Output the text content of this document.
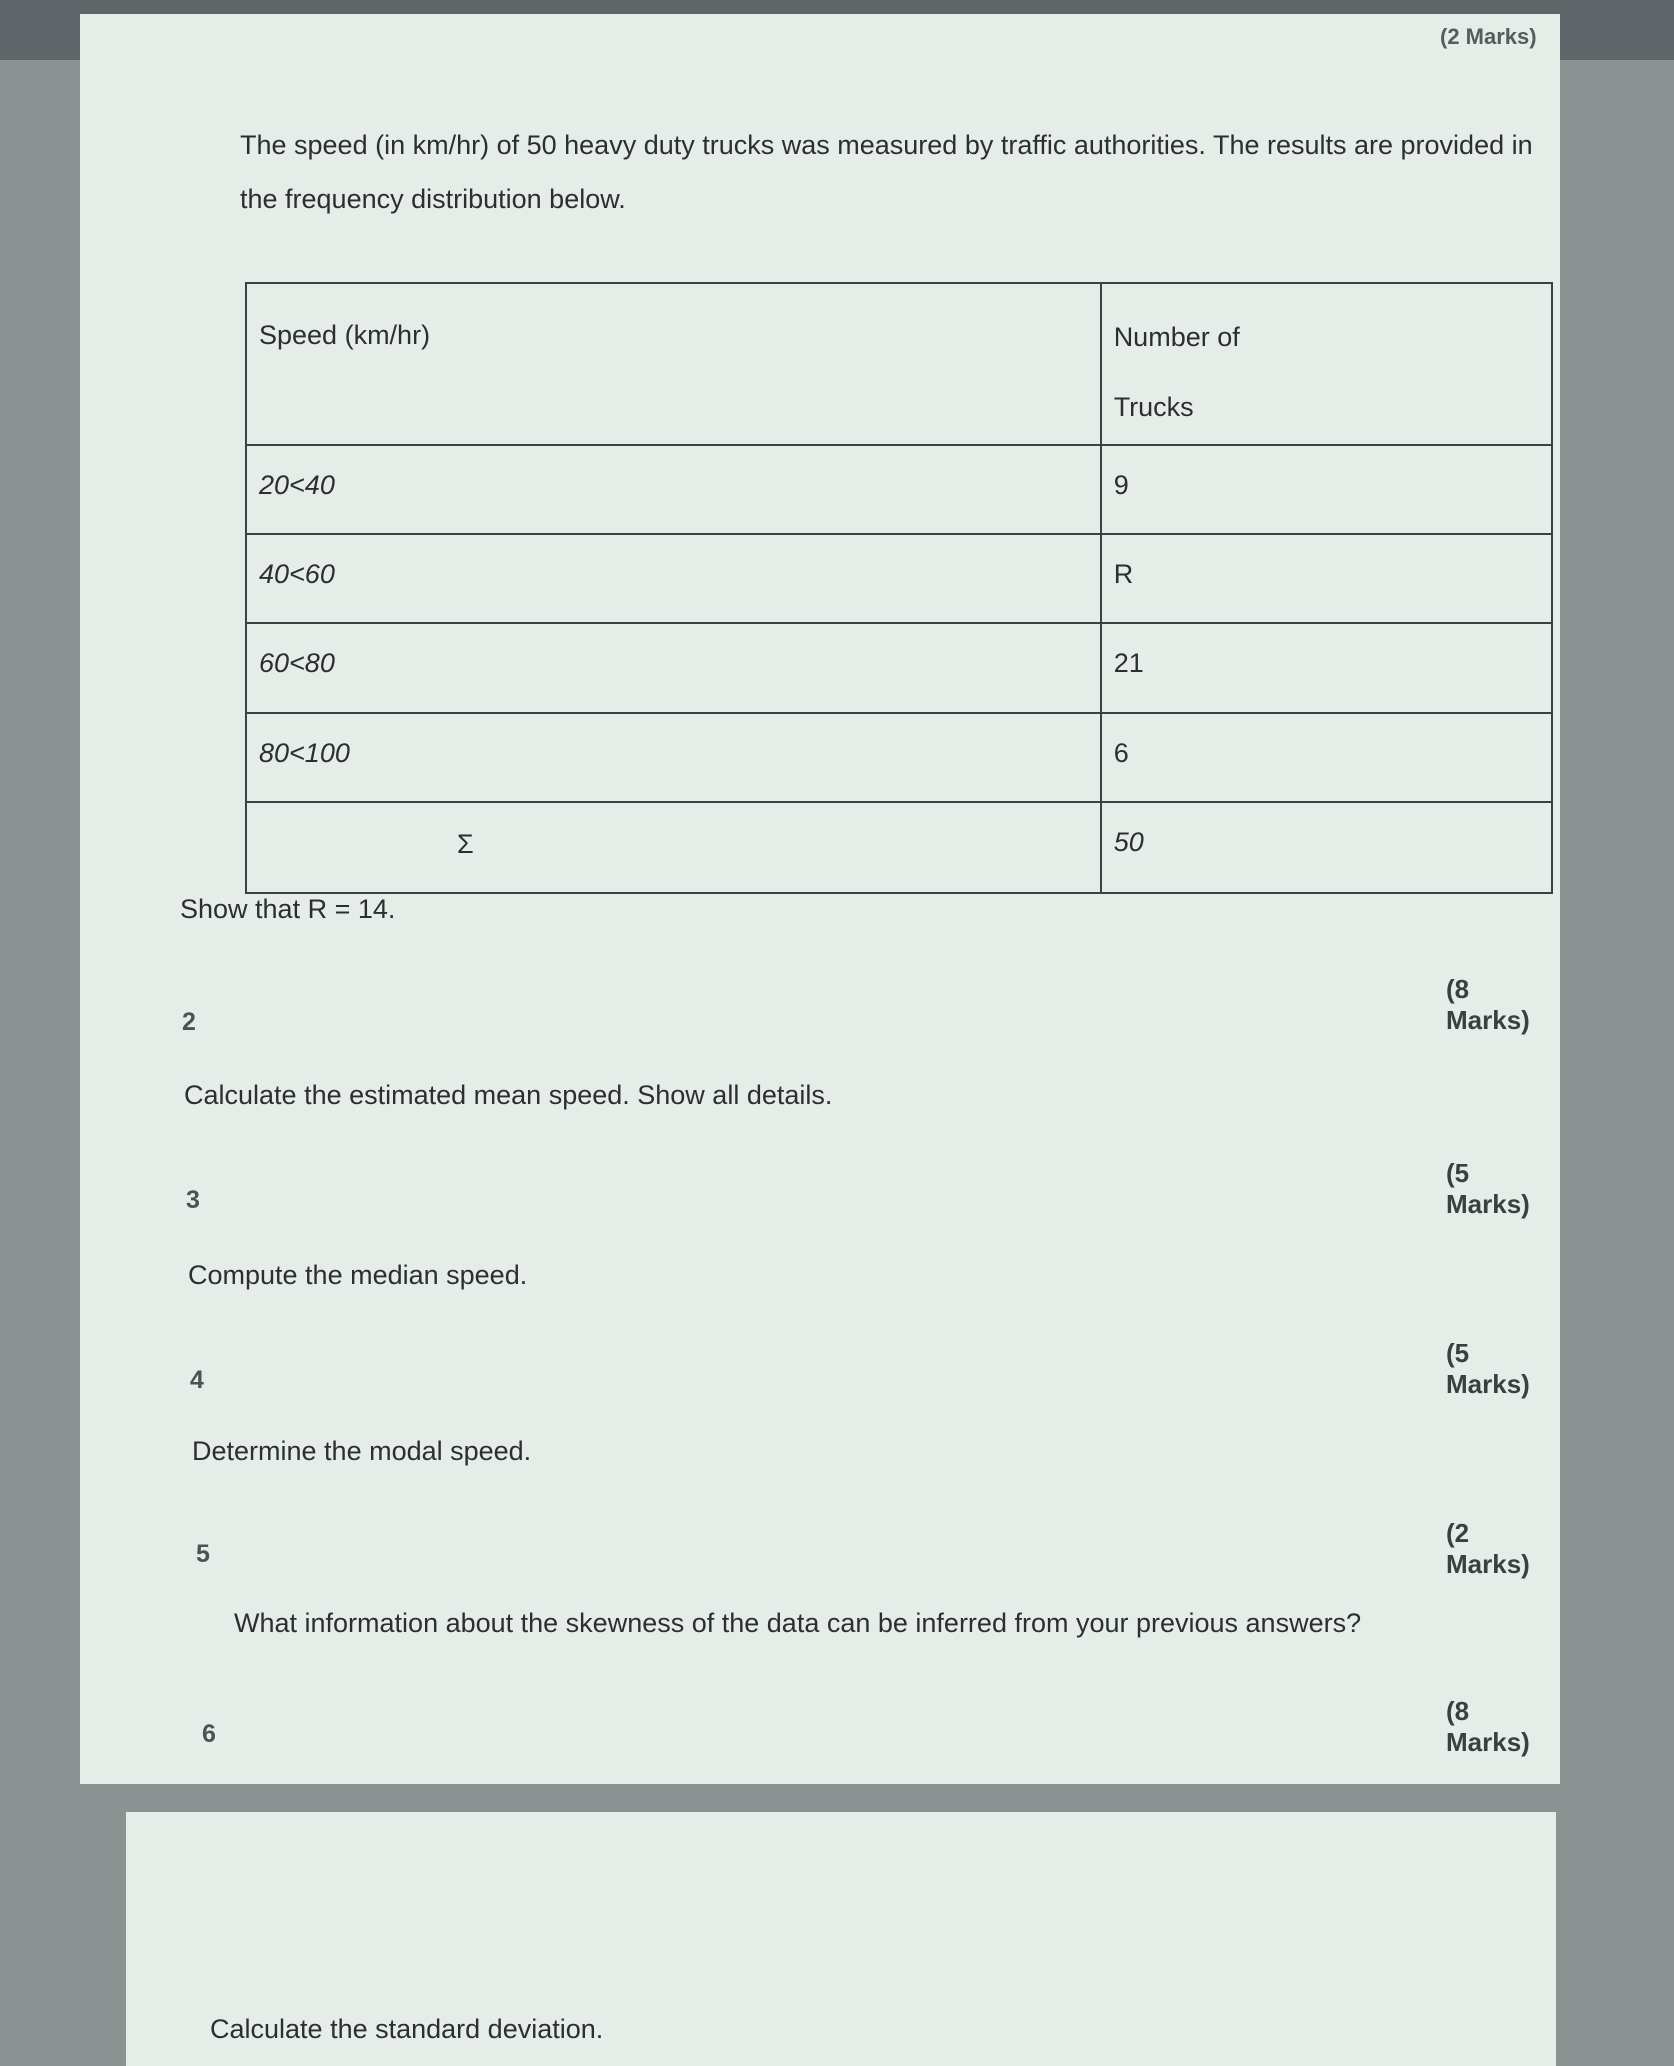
(2 Marks)
The speed (in km/hr) of 50 heavy duty trucks was measured by traffic authorities. The results are provided in the frequency distribution below.
Speed (km/hr)	Number of
Trucks

20<40	9

40<60	R

60<80	21

80<100	6

Σ	50
Show that R = 14.
2
(8 Marks)
Calculate the estimated mean speed. Show all details.
3
(5 Marks)
Compute the median speed.
4
(5 Marks)
Determine the modal speed.
5
(2 Marks)
What information about the skewness of the data can be inferred from your previous answers?
6
(8 Marks)
Calculate the standard deviation.
